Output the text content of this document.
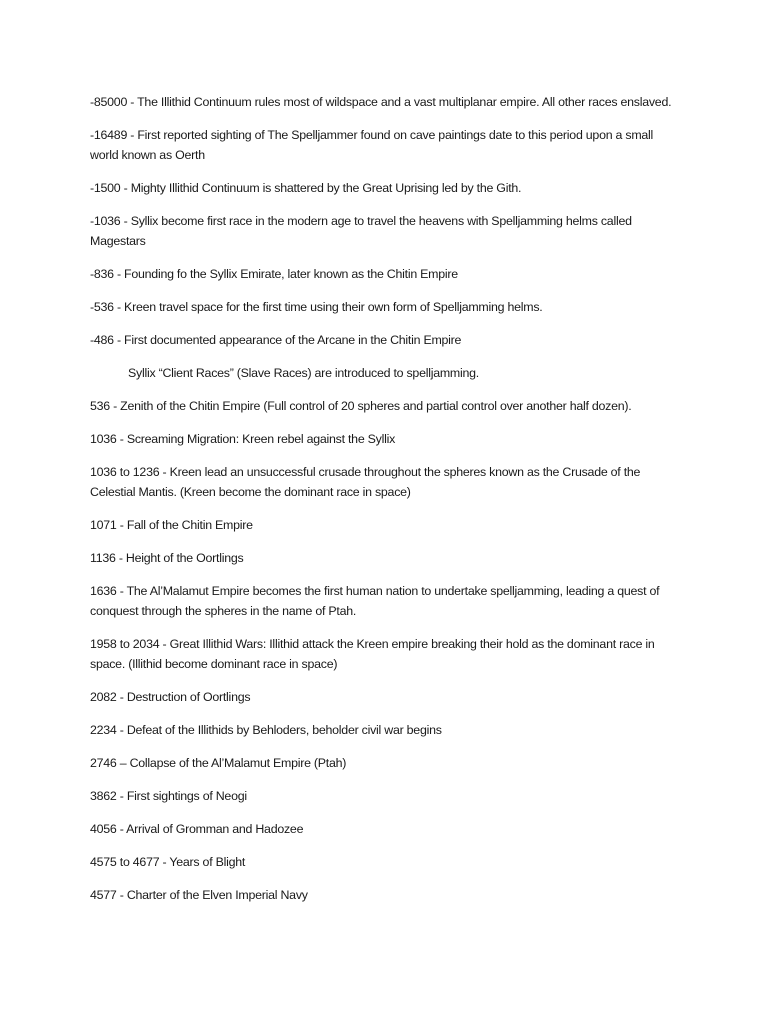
-85000 - The Illithid Continuum rules most of wildspace and a vast multiplanar empire. All other races enslaved.

-16489 - First reported sighting of The Spelljammer found on cave paintings date to this period upon a small world known as Oerth

-1500 - Mighty Illithid Continuum is shattered by the Great Uprising led by the Gith.

-1036 - Syllix become first race in the modern age to travel the heavens with Spelljamming helms called Magestars

-836 - Founding fo the Syllix Emirate, later known as the Chitin Empire

-536 - Kreen travel space for the first time using their own form of Spelljamming helms.

-486 - First documented appearance of the Arcane in the Chitin Empire

Syllix “Client Races” (Slave Races) are introduced to spelljamming.

536 - Zenith of the Chitin Empire (Full control of 20 spheres and partial control over another half dozen).

1036 - Screaming Migration: Kreen rebel against the Syllix

1036 to 1236 - Kreen lead an unsuccessful crusade throughout the spheres known as the Crusade of the Celestial Mantis. (Kreen become the dominant race in space)

1071 - Fall of the Chitin Empire

1136 - Height of the Oortlings

1636 - The Al’Malamut Empire becomes the first human nation to undertake spelljamming, leading a quest of conquest through the spheres in the name of Ptah.

1958 to 2034 - Great Illithid Wars: Illithid attack the Kreen empire breaking their hold as the dominant race in space. (Illithid become dominant race in space)

2082 - Destruction of Oortlings

2234 - Defeat of the Illithids by Behloders, beholder civil war begins

2746 – Collapse of the Al’Malamut Empire (Ptah)

3862 - First sightings of Neogi

4056 - Arrival of Gromman and Hadozee

4575 to 4677 - Years of Blight

4577 - Charter of the Elven Imperial Navy
